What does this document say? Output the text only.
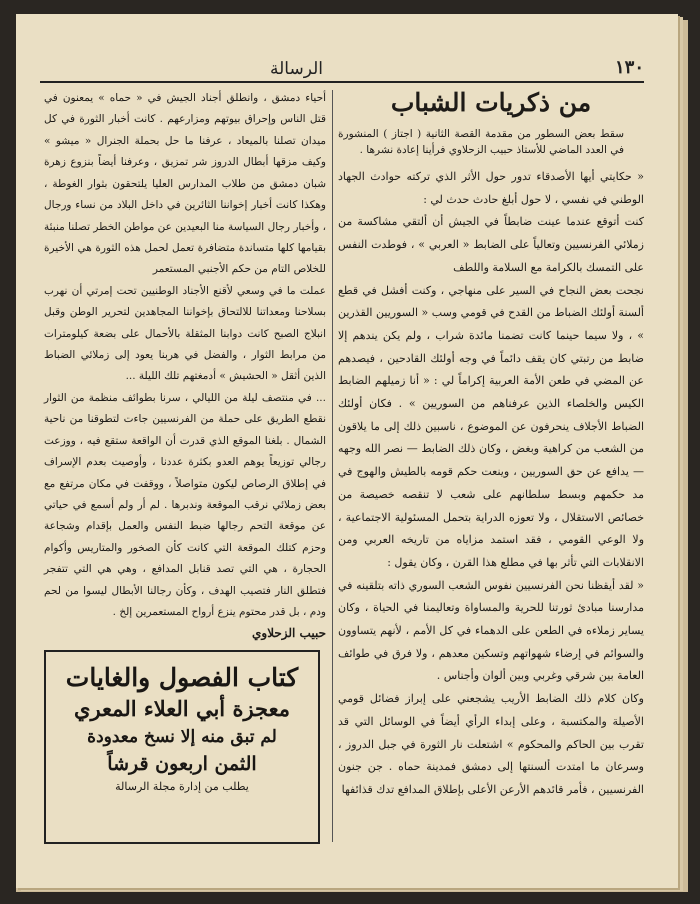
الرسالة	١٣٠
من ذكريات الشباب
سقط بعض السطور من مقدمة القصة الثانية ( اجتاز ) المنشورة في العدد الماضي للأستاذ حبيب الزحلاوي فرأينا إعادة نشرها .

« حكايتي أيها الأصدقاء تدور حول الأثر الذي تركته حوادث الجهاد الوطني في نفسي ، لا حول أبلغ حادث حدث لي :

كنت أتوقع عندما عينت ضابطاً في الجيش أن ألتقي مشاكسة من زملائي الفرنسيين وتعالياً على الضابط « العربي » ، فوطدت النفس على التمسك بالكرامة مع السلامة واللطف

نجحت بعض النجاح في السير على منهاجي ، وكنت أفشل في قطع ألسنة أولئك الضباط من القدح في قومي وسب « السوريين القذرين » ، ولا سيما حينما كانت تضمنا مائدة شراب ، ولم يكن يندهم إلا ضابط من رتبتي كان يقف دائماً في وجه أولئك القادحين ، فيصدهم عن المضي في طعن الأمة العربية إكراماً لي : « أنا زميلهم الضابط الكيس والخلصاء الذين عرفناهم من السوريين » . فكان أولئك الضباط الأجلاف ينحرفون عن الموضوع ، ناسبين ذلك إلى ما يلاقون من الشعب من كراهية وبغض ، وكان ذلك الضابط — نصر الله وجهه — يدافع عن حق السوريين ، وينعت حكم قومه بالطيش والهوج في مد حكمهم وبسط سلطانهم على شعب لا تنقصه خصيصة من خصائص الاستقلال ، ولا تعوزه الدراية بتحمل المسئولية الاجتماعية ، ولا الوعي القومي ، فقد استمد مزاياه من تاريخه العربي ومن الانقلابات التي تأثر بها في مطلع هذا القرن ، وكان يقول :

« لقد أيقظنا نحن الفرنسيين نفوس الشعب السوري ذاته بتلقينه في مدارسنا مبادئ ثورتنا للحرية والمساواة وتعاليمنا في الحياة ، وكان يساير زملاءه في الطعن على الدهماء في كل الأمم ، لأنهم يتساوون والسوائم في إرضاء شهواتهم وتسكين معدهم ، ولا فرق في طوائف العامة بين شرقي وغربي وبين ألوان وأجناس .

وكان كلام ذلك الضابط الأريب يشجعني على إبراز فضائل قومي الأصيلة والمكتسبة ، وعلى إبداء الرأي أيضاً في الوسائل التي قد تقرب بين الحاكم والمحكوم » اشتعلت نار الثورة في جبل الدروز ، وسرعان ما امتدت ألسنتها إلى دمشق فمدينة حماه . جن جنون الفرنسيين ، فأمر قائدهم الأرعن الأعلى بإطلاق المدافع تدك قذائفها

أحياء دمشق ، وانطلق أجناد الجيش في « حماه » يمعنون في قتل الناس وإحراق بيوتهم ومزارعهم . كانت أخبار الثورة في كل ميدان تصلنا بالميعاد ، عرفنا ما حل بحملة الجنرال « ميشو » وكيف مزقها أبطال الدروز شر تمزيق ، وعرفنا أيضاً بنزوع زهرة شبان دمشق من طلاب المدارس العليا يلتحقون بثوار الغوطة ، وهكذا كانت أخبار إخواننا الثائرين في داخل البلاد من نساء ورجال ، وأخبار رجال السياسة منا البعيدين عن مواطن الخطر تصلنا منبئة بقيامها كلها متساندة متضافرة تعمل لحمل هذه الثورة هي الأخيرة للخلاص التام من حكم الأجنبي المستعمر

عملت ما في وسعي لأقنع الأجناد الوطنيين تحت إمرتي أن نهرب بسلاحنا ومعداتنا للالتحاق بإخواننا المجاهدين لتحرير الوطن وقبل انبلاج الصبح كانت دوابنا المثقلة بالأحمال على بضعة كيلومترات من مرابط الثوار ، والفضل في هربنا يعود إلى زملائي الضباط الذين أثقل « الحشيش » أدمغتهم تلك الليلة ...

... في منتصف ليلة من الليالي ، سرنا بطوائف منظمة من الثوار نقطع الطريق على حملة من الفرنسيين جاءت لتطوقنا من ناحية الشمال . بلغنا الموقع الذي قدرت أن الواقعة ستقع فيه ، ووزعت رجالي توزيعاً يوهم العدو بكثرة عددنا ، وأوصيت بعدم الإسراف في إطلاق الرصاص ليكون متواصلاً ، ووقفت في مكان مرتفع مع بعض زملائي نرقب الموقعة وندبرها . لم أر ولم أسمع في حياتي عن موقعة التحم رجالها ضبط النفس والعمل بإقدام وشجاعة وحزم كتلك الموقعة التي كانت كأن الصخور والمتاريس وأكوام الحجارة ، هي التي تصد قنابل المدافع ، وهي هي التي تتفجر فتطلق النار فتصيب الهدف ، وكأن رجالنا الأبطال ليسوا من لحم ودم ، بل قدر محتوم ينزع أرواح المستعمرين إلخ .

حبيب الزحلاوي
كتاب الفصول والغايات
معجزة أبي العلاء المعري
لم تبق منه إلا نسخ معدودة
الثمن اربعون قرشاً
يطلب من إدارة مجلة الرسالة
